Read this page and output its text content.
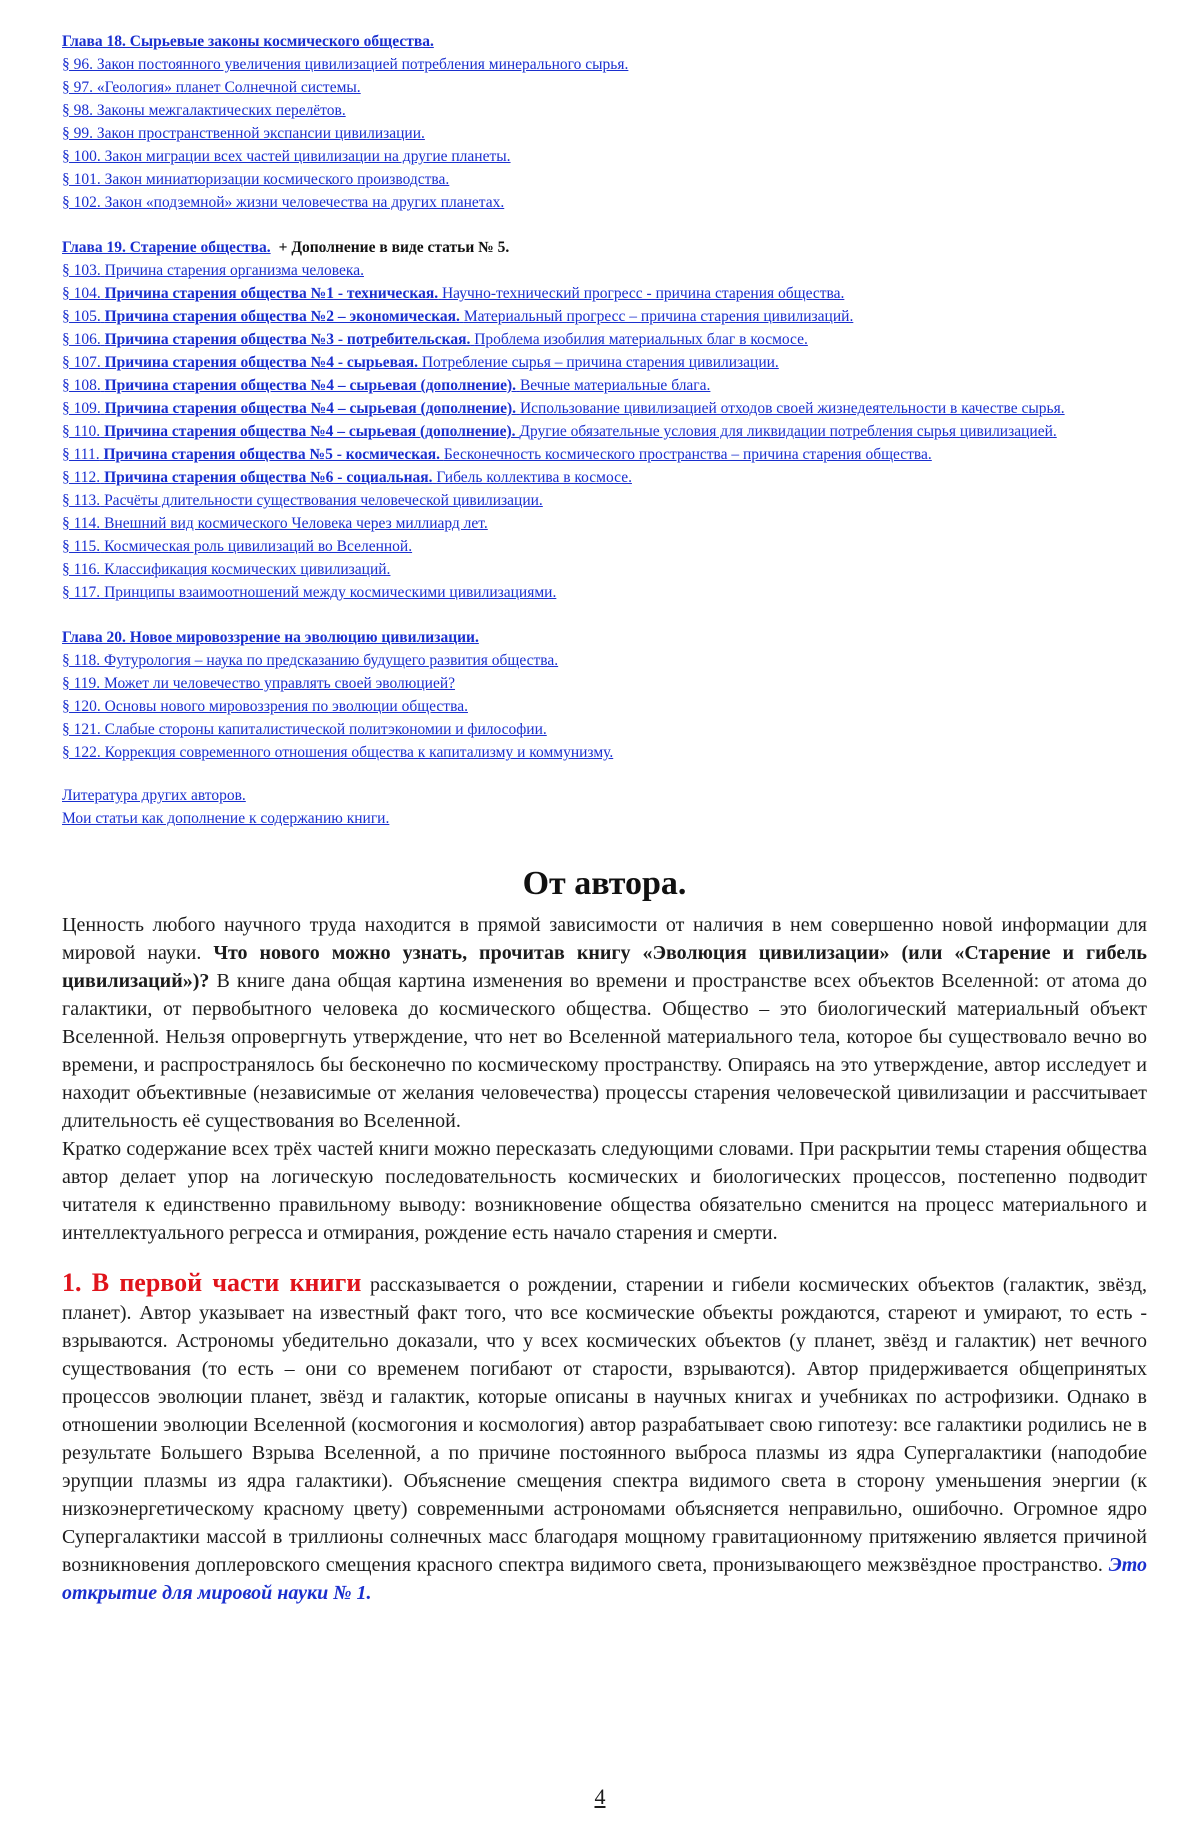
Глава 18. Сырьевые законы космического общества.
§ 96. Закон постоянного увеличения цивилизацией потребления минерального сырья.
§ 97. «Геология» планет Солнечной системы.
§ 98. Законы межгалактических перелётов.
§ 99. Закон пространственной экспансии цивилизации.
§ 100. Закон миграции всех частей цивилизации на другие планеты.
§ 101. Закон миниатюризации космического производства.
§ 102. Закон «подземной» жизни человечества на других планетах.
Глава 19. Старение общества. + Дополнение в виде статьи № 5.
§ 103. Причина старения организма человека.
§ 104. Причина старения общества №1 - техническая. Научно-технический прогресс - причина старения общества.
§ 105. Причина старения общества №2 – экономическая. Материальный прогресс – причина старения цивилизаций.
§ 106. Причина старения общества №3 - потребительская. Проблема изобилия материальных благ в космосе.
§ 107. Причина старения общества №4 - сырьевая. Потребление сырья – причина старения цивилизации.
§ 108. Причина старения общества №4 – сырьевая (дополнение). Вечные материальные блага.
§ 109. Причина старения общества №4 – сырьевая (дополнение). Использование цивилизацией отходов своей жизнедеятельности в качестве сырья.
§ 110. Причина старения общества №4 – сырьевая (дополнение). Другие обязательные условия для ликвидации потребления сырья цивилизацией.
§ 111. Причина старения общества №5 - космическая. Бесконечность космического пространства – причина старения общества.
§ 112. Причина старения общества №6 - социальная. Гибель коллектива в космосе.
§ 113. Расчёты длительности существования человеческой цивилизации.
§ 114. Внешний вид космического Человека через миллиард лет.
§ 115. Космическая роль цивилизаций во Вселенной.
§ 116. Классификация космических цивилизаций.
§ 117. Принципы взаимоотношений между космическими цивилизациями.
Глава 20. Новое мировоззрение на эволюцию цивилизации.
§ 118. Футурология – наука по предсказанию будущего развития общества.
§ 119. Может ли человечество управлять своей эволюцией?
§ 120. Основы нового мировоззрения по эволюции общества.
§ 121. Слабые стороны капиталистической политэкономии и философии.
§ 122. Коррекция современного отношения общества к капитализму и коммунизму.
Литература других авторов.
Мои статьи как дополнение к содержанию книги.
От автора.

Ценность любого научного труда находится в прямой зависимости от наличия в нем совершенно новой информации для мировой науки. Что нового можно узнать, прочитав книгу «Эволюция цивилизации» (или «Старение и гибель цивилизаций»)? В книге дана общая картина изменения во времени и пространстве всех объектов Вселенной: от атома до галактики, от первобытного человека до космического общества. Общество – это биологический материальный объект Вселенной. Нельзя опровергнуть утверждение, что нет во Вселенной материального тела, которое бы существовало вечно во времени, и распространялось бы бесконечно по космическому пространству. Опираясь на это утверждение, автор исследует и находит объективные (независимые от желания человечества) процессы старения человеческой цивилизации и рассчитывает длительность её существования во Вселенной.

Кратко содержание всех трёх частей книги можно пересказать следующими словами. При раскрытии темы старения общества автор делает упор на логическую последовательность космических и биологических процессов, постепенно подводит читателя к единственно правильному выводу: возникновение общества обязательно сменится на процесс материального и интеллектуального регресса и отмирания, рождение есть начало старения и смерти.

1. В первой части книги рассказывается о рождении, старении и гибели космических объектов (галактик, звёзд, планет). Автор указывает на известный факт того, что все космические объекты рождаются, стареют и умирают, то есть - взрываются. Астрономы убедительно доказали, что у всех космических объектов (у планет, звёзд и галактик) нет вечного существования (то есть – они со временем погибают от старости, взрываются). Автор придерживается общепринятых процессов эволюции планет, звёзд и галактик, которые описаны в научных книгах и учебниках по астрофизики. Однако в отношении эволюции Вселенной (космогония и космология) автор разрабатывает свою гипотезу: все галактики родились не в результате Большего Взрыва Вселенной, а по причине постоянного выброса плазмы из ядра Супергалактики (наподобие эрупции плазмы из ядра галактики). Объяснение смещения спектра видимого света в сторону уменьшения энергии (к низкоэнергетическому красному цвету) современными астрономами объясняется неправильно, ошибочно. Огромное ядро Супергалактики массой в триллионы солнечных масс благодаря мощному гравитационному притяжению является причиной возникновения доплеровского смещения красного спектра видимого света, пронизывающего межзвёздное пространство. Это открытие для мировой науки № 1.

4
